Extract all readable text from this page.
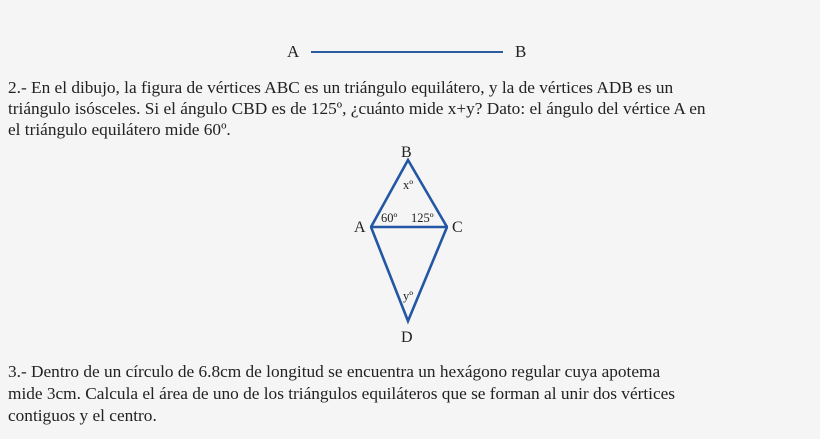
A	B
2.- En el dibujo, la figura de vértices ABC es un triángulo equilátero, y la de vértices ADB es un
triángulo isósceles. Si el ángulo CBD es de 125º, ¿cuánto mide x+y? Dato: el ángulo del vértice A en
el triángulo equilátero mide 60º.
B
A	C
D
xº
60º 125º
yº
3.- Dentro de un círculo de 6.8cm de longitud se encuentra un hexágono regular cuya apotema
mide 3cm. Calcula el área de uno de los triángulos equiláteros que se forman al unir dos vértices
contiguos y el centro.
